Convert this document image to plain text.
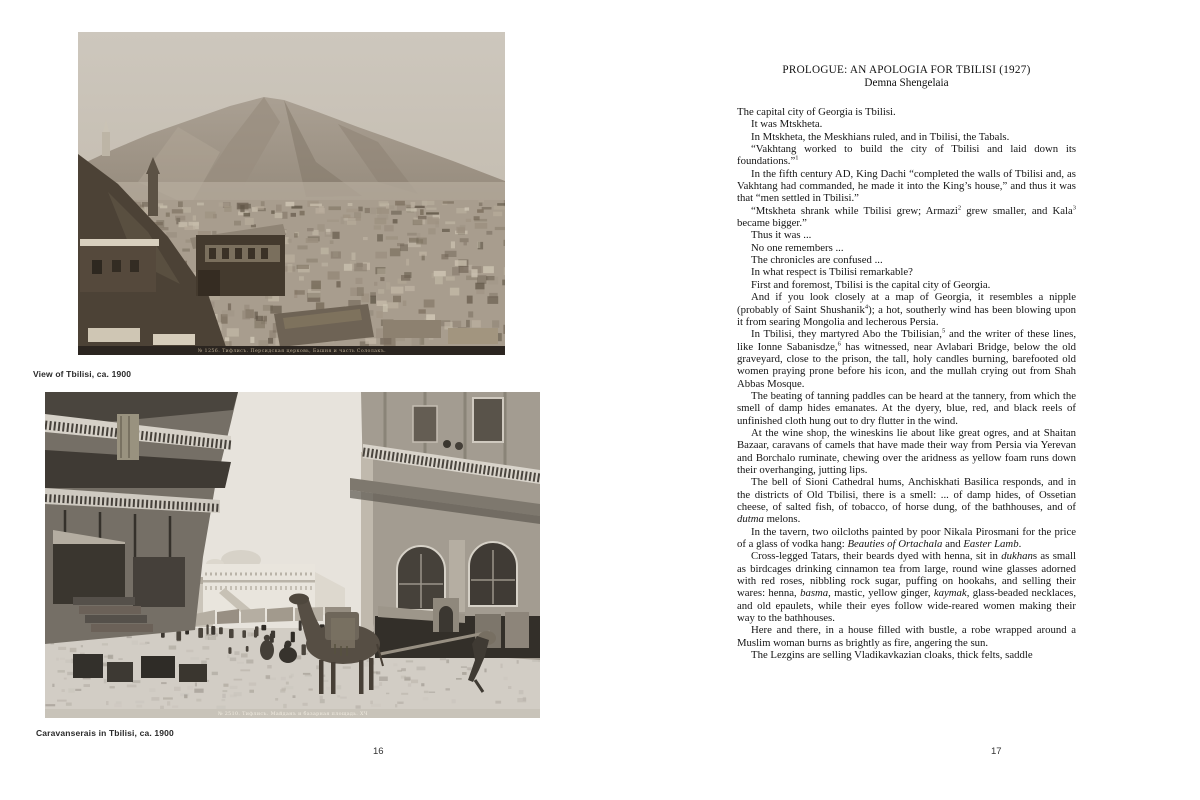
№ 1256. Тифлисъ. Персидская церковь, Башня и часть Сололакъ.
View of Tbilisi, ca. 1900
№ 2510. Тифлисъ. Майданъ и базарная площадь. ХЧ
Caravanserais in Tbilisi, ca. 1900
16
PROLOGUE: AN APOLOGIA FOR TBILISI (1927)
Demna Shengelaia

The capital city of Georgia is Tbilisi.

It was Mtskheta.

In Mtskheta, the Meskhians ruled, and in Tbilisi, the Tabals.

“Vakhtang worked to build the city of Tbilisi and laid down its foundations.”$^1$

In the fifth century AD, King Dachi “completed the walls of Tbilisi and, as Vakhtang had commanded, he made it into the King’s house,” and thus it was that “men settled in Tbilisi.”

“Mtskheta shrank while Tbilisi grew; Armazi$^2$ grew smaller, and Kala$^3$ became bigger.”

Thus it was ...

No one remembers ...

The chronicles are confused ...

In what respect is Tbilisi remarkable?

First and foremost, Tbilisi is the capital city of Georgia.

And if you look closely at a map of Georgia, it resembles a nipple (probably of Saint Shushanik$^4$); a hot, southerly wind has been blowing upon it from searing Mongolia and lecherous Persia.

In Tbilisi, they martyred Abo the Tbilisian,$^5$ and the writer of these lines, like Ionne Sabanisdze,$^6$ has witnessed, near Avlabari Bridge, below the old graveyard, close to the prison, the tall, holy candles burning, barefooted old women praying prone before his icon, and the mullah crying out from Shah Abbas Mosque.

The beating of tanning paddles can be heard at the tannery, from which the smell of damp hides emanates. At the dyery, blue, red, and black reels of unfinished cloth hung out to dry flutter in the wind.

At the wine shop, the wineskins lie about like great ogres, and at Shaitan Bazaar, caravans of camels that have made their way from Persia via Yerevan and Borchalo ruminate, chewing over the aridness as yellow foam runs down their overhanging, jutting lips.

The bell of Sioni Cathedral hums, Anchiskhati Basilica responds, and in the districts of Old Tbilisi, there is a smell: ... of damp hides, of Ossetian cheese, of salted fish, of tobacco, of horse dung, of the bathhouses, and of dutma melons.

In the tavern, two oilcloths painted by poor Nikala Pirosmani for the price of a glass of vodka hang: Beauties of Ortachala and Easter Lamb.

Cross-legged Tatars, their beards dyed with henna, sit in dukhans as small as birdcages drinking cinnamon tea from large, round wine glasses adorned with red roses, nibbling rock sugar, puffing on hookahs, and selling their wares: henna, basma, mastic, yellow ginger, kaymak, glass-beaded necklaces, and old epaulets, while their eyes follow wide-reared women making their way to the bathhouses.

Here and there, in a house filled with bustle, a robe wrapped around a Muslim woman burns as brightly as fire, angering the sun.

The Lezgins are selling Vladikavkazian cloaks, thick felts, saddle

17
